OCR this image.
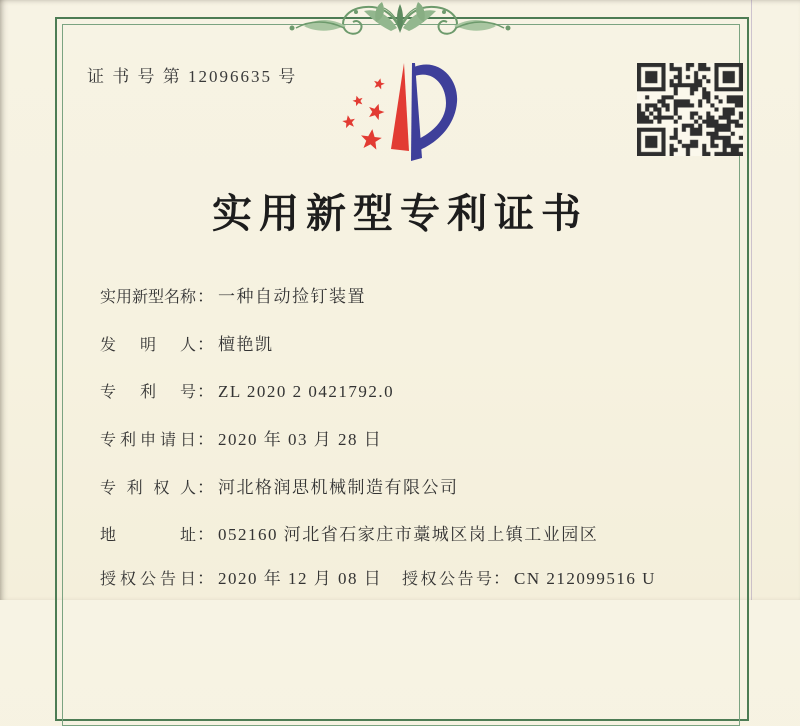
证 书 号 第 12096635 号
实用新型专利证书
实用新型名称： 一种自动捡钉装置
发明人： 檀艳凯
专利号： ZL 2020 2 0421792.0
专利申请日： 2020 年 03 月 28 日
专利权人： 河北格润思机械制造有限公司
地址： 052160 河北省石家庄市藁城区岗上镇工业园区
授权公告日： 2020 年 12 月 08 日 授权公告号： CN 212099516 U
